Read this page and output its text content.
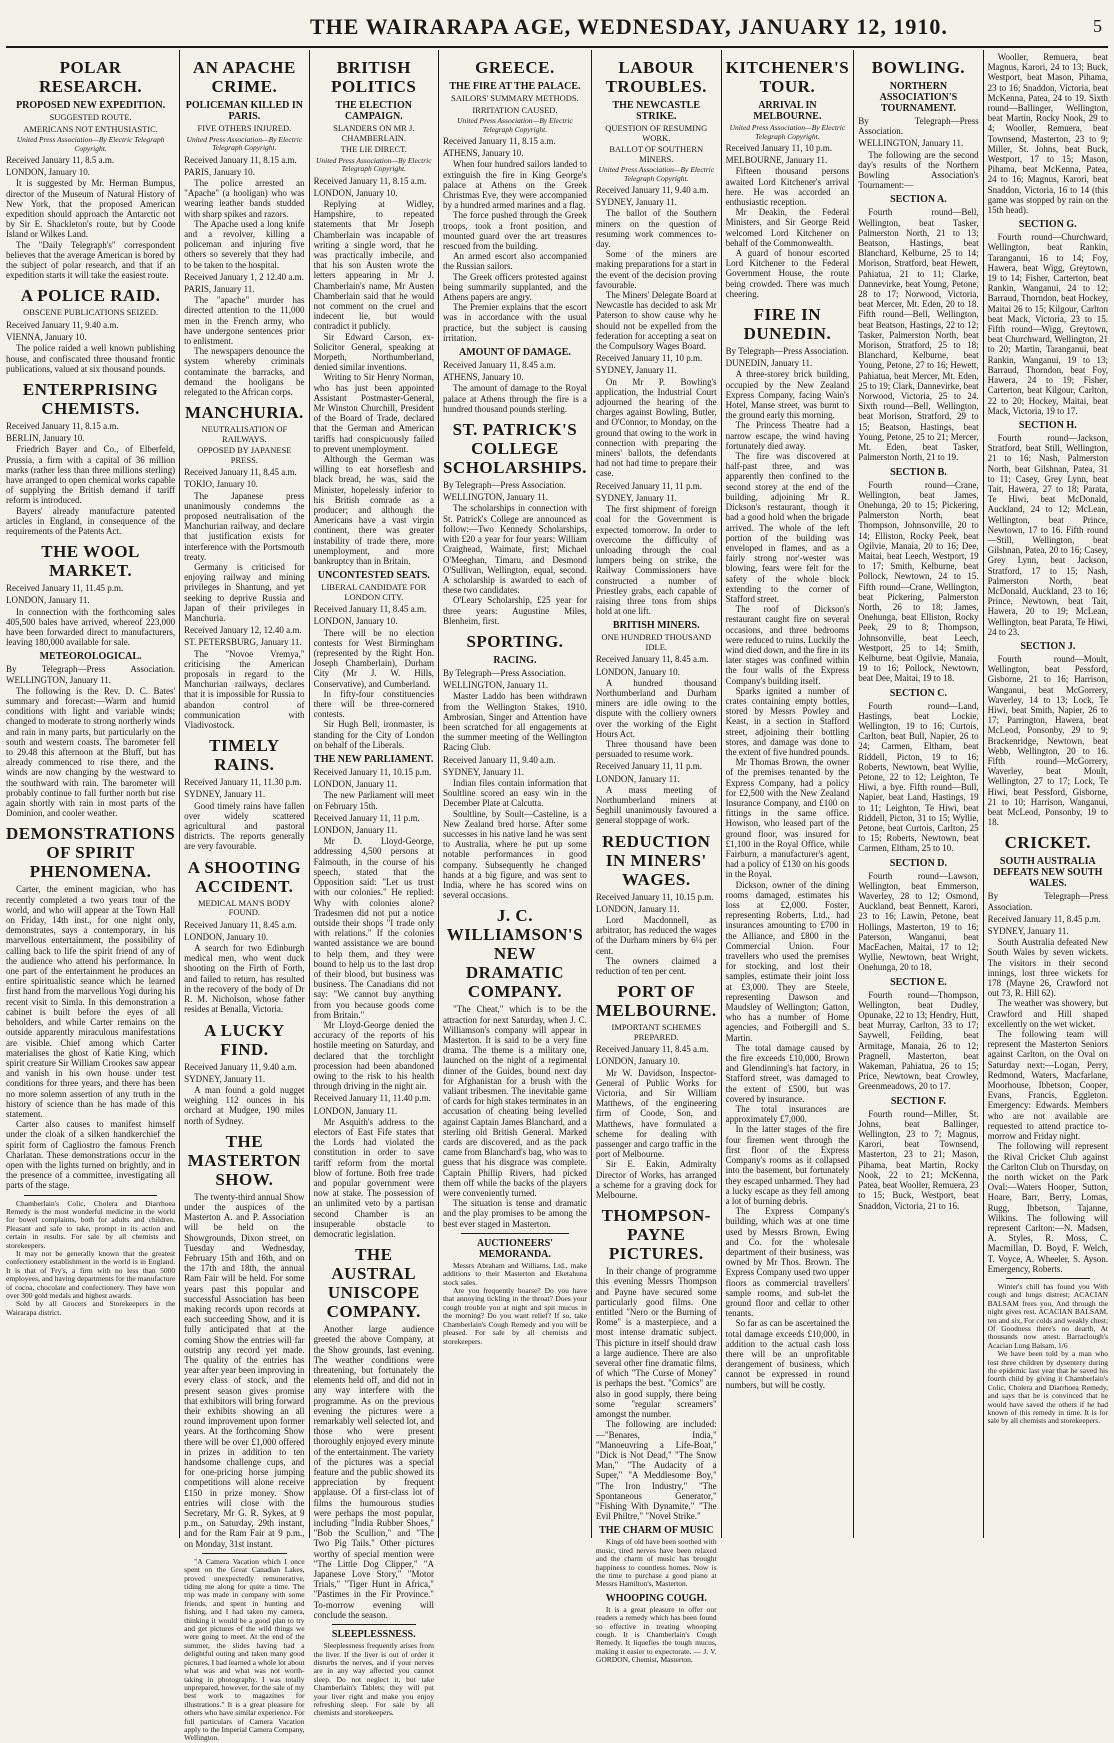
THE WAIRARAPA AGE, WEDNESDAY, JANUARY 12, 1910.	5
POLAR RESEARCH.
PROPOSED NEW EXPEDITION.
SUGGESTED ROUTE.
AMERICANS NOT ENTHUSIASTIC.
United Press Association—By Electric Telegraph Copyright.
Received January 11, 8.5 a.m.
LONDON, January 10.

It is suggested by Mr. Herman Bumpus, director of the Museum of Natural History of New York, that the proposed American expedition should approach the Antarctic not by Sir E. Shackleton's route, but by Coode Island or Wilkes Land.

The "Daily Telegraph's" correspondent believes that the average American is bored by the subject of polar research, and that if an expedition starts it will take the easiest route.

A POLICE RAID.
OBSCENE PUBLICATIONS SEIZED.
Received January 11, 9.40 a.m.
VIENNA, January 10.

The police raided a well known publishing house, and confiscated three thousand frontic publications, valued at six thousand pounds.

ENTERPRISING CHEMISTS.
Received January 11, 8.15 a.m.
BERLIN, January 10.

Friedrich Bayer and Co., of Elberfeld, Prussia, a firm with a capital of 36 million marks (rather less than three millions sterling) have arranged to open chemical works capable of supplying the British demand if tariff reform is introduced.

Bayers' already manufacture patented articles in England, in consequence of the requirements of the Patents Act.

THE WOOL MARKET.
Received January 11, 11.45 p.m.
LONDON, January 11.

In connection with the forthcoming sales 405,500 bales have arrived, whereof 223,000 have been forwarded direct to manufacturers, leaving 180,000 available for sale.

METEOROLOGICAL.
By Telegraph—Press Association. WELLINGTON, January 11.

The following is the Rev. D. C. Bates' summary and forecast:—Warm and humid conditions with light and variable winds; changed to moderate to strong northerly winds and rain in many parts, but particularly on the south and western coasts. The barometer fell to 29.48 this afternoon at the Bluff, but has already commenced to rise there, and the winds are now changing by the westward to the southward with rain. The barometer will probably continue to fall further north but rise again shortly with rain in most parts of the Dominion, and cooler weather.

DEMONSTRATIONS OF SPIRIT PHENOMENA.

Carter, the eminent magician, who has recently completed a two years tour of the world, and who will appear at the Town Hall on Friday, 14th inst., for one night only, demonstrates, says a contemporary, in his marvellous entertainment, the possibility of calling back to life the spirit friend of any of the audience who attend his performance. In one part of the entertainment he produces an entire spiritualistic seance which he learned first hand from the marvellous Yogi during his recent visit to Simla. In this demonstration a cabinet is built before the eyes of all beholders, and while Carter remains on the outside apparently miraculous manifestations are visible. Chief among which Carter materialises the ghost of Katie King, which spirit creature Sir William Crookes saw appear and vanish in his own house under test conditions for three years, and there has been no more solemn assertion of any truth in the history of science than he has made of this statement.

Carter also causes to manifest himself under the cloak of a silken handkerchief the spirit form of Cagliostro the famous French Charlatan. These demonstrations occur in the open with the lights turned on brightly, and in the presence of a committee, investigating all parts of the stage.

Chamberlain's Colic, Cholera and Diarrhoea Remedy is the most wonderful medicine in the world for bowel complaints, both for adults and children. Pleasant and safe to take, prompt in its action and certain in results. For sale by all chemists and storekeepers.

It may not be generally known that the greatest confectionery establishment in the world is in England. It is that of Fry's, a firm with no less than 5000 employees, and having departments for the manufacture of cocoa, chocolate and confectionery. They have won over 300 gold medals and highest awards.

Sold by all Grocers and Storekeepers in the Wairarapa district.

AN APACHE CRIME.
POLICEMAN KILLED IN PARIS.
FIVE OTHERS INJURED.
United Press Association—By Electric Telegraph Copyright.
Received January 11, 8.15 a.m.
PARIS, January 10.

The police arrested an "Apache" (a hooligan) who was wearing leather bands studded with sharp spikes and razors.

The Apache used a long knife and a revolver, killing a policeman and injuring five others so severely that they had to be taken to the hospital.

Received January 1, 2 12.40 a.m.
PARIS, January 11.

The "apache" murder has directed attention to the 11,000 men in the French army, who have undergone sentences prior to enlistment.

The newspapers denounce the system whereby criminals contaminate the barracks, and demand the hooligans be relegated to the African corps.

MANCHURIA.
NEUTRALISATION OF RAILWAYS.
OPPOSED BY JAPANESE PRESS.
Received January 11, 8.45 a.m.
TOKIO, January 10.

The Japanese press unanimously condemns the proposed neutralisation of the Manchurian railway, and declare that justification exists for interference with the Portsmouth treaty.

Germany is criticised for enjoying railway and mining privileges in Shantung, and yet seeking to deprive Russia and Japan of their privileges in Manchuria.

Received January 12, 12.40 a.m.
ST. PETERSBURG, January 11.

The "Novoe Vremya," criticising the American proposals in regard to the Manchurian railways, declares that it is impossible for Russia to abandon control of communication with Vladivostock.

TIMELY RAINS.
Received January 11, 11.30 p.m.
SYDNEY, January 11.

Good timely rains have fallen over widely scattered agricultural and pastoral districts. The reports generally are very favourable.

A SHOOTING ACCIDENT.
MEDICAL MAN'S BODY FOUND.
Received January 11, 8.45 a.m.
LONDON, January 10.

A search for two Edinburgh medical men, who went duck shooting on the Firth of Forth, and failed to return, has resulted in the recovery of the body of Dr R. M. Nicholson, whose father resides at Benalla, Victoria.

A LUCKY FIND.
Received January 11, 9.40 a.m.
SYDNEY, January 11.

A man found a gold nugget weighing 112 ounces in his orchard at Mudgee, 190 miles north of Sydney.

THE MASTERTON SHOW.

The twenty-third annual Show under the auspices of the Masterton A. and P. Association will be held on the Showgrounds, Dixon street, on Tuesday and Wednesday, February 15th and 16th, and on the 17th and 18th, the annual Ram Fair will be held. For some years past this popular and successful Association has been making records upon records at each succeeding Show, and it is fully anticipated that at the coming Show the entries will far outstrip any record yet made. The quality of the entries has year after year been improving in every class of stock, and the present season gives promise that exhibitors will bring forward their exhibits showing an all round improvement upon former years. At the forthcoming Show there will be over £1,000 offered in prizes in addition to ten handsome challenge cups, and for one-pricing horse jumping competitions will alone receive £150 in prize money. Show entries will close with the Secretary, Mr G. R. Sykes, at 9 p.m., on Saturday, 29th instant, and for the Ram Fair at 9 p.m., on Monday, 31st instant.

"A Camera Vacation which I once spent on the Great Canadian Lakes, proved unexpectedly remunerative, tiding me along for quite a time. The trip was made in company with some friends, and spent in hunting and fishing, and I had taken my camera, thinking it would be a good plan to try and get pictures of the wild things we were going to meet. At the end of the summer, the slides having had a delightful outing and taken many good pictures, I had learned a whole lot about what was and what was not worth-taking in photography. I was totally unprepared, however, for the sale of my best work to magazines for illustrations." It is a great pleasure for others who have similar experience. For full particulars of Camera Vacation apply to the Imperial Camera Company, Wellington.

BRITISH POLITICS
THE ELECTION CAMPAIGN.
SLANDERS ON MR J. CHAMBERLAIN.
THE LIE DIRECT.
United Press Association—By Electric Telegraph Copyright.
Received January 11, 8.15 a.m.
LONDON, January 10.

Replying at Widley, Hampshire, to repeated statements that Mr Joseph Chamberlain was incapable of writing a single word, that he was practically imbecile, and that his son Austen wrote the letters appearing in Mr J. Chamberlain's name, Mr Austen Chamberlain said that he would not comment on the cruel and indecent lie, but would contradict it publicly.

Sir Edward Carson, ex-Solicitor General, speaking at Morpeth, Northumberland, denied similar inventions.

Writing to Sir Henry Norman, who has just been appointed Assistant Postmaster-General, Mr Winston Churchill, President of the Board of Trade, declared that the German and American tariffs had conspicuously failed to prevent unemployment.

Although the German was willing to eat horseflesh and black bread, he was, said the Minister, hopelessly inferior to his British comrade as a producer; and although the Americans have a vast virgin continent, there was greater instability of trade there, more unemployment, and more bankruptcy than in Britain.

UNCONTESTED SEATS.
LIBERAL CANDIDATE FOR LONDON CITY.
Received January 11, 8.45 a.m.
LONDON, January 10.

There will be no election contests for West Birmingham (represented by the Right Hon. Joseph Chamberlain), Durham City (Mr J. W. Hills, Conservative), and Cumberland.

In fifty-four constituencies there will be three-cornered contests.

Sir Hugh Bell, ironmaster, is standing for the City of London on behalf of the Liberals.

THE NEW PARLIAMENT.
Received January 11, 10.15 p.m.
LONDON, January 11.

The new Parliament will meet on February 15th.

Received January 11, 11 p.m.
LONDON, January 11.

Mr D. Lloyd-George, addressing 4,500 persons at Falmouth, in the course of his speech, stated that the Opposition said: "Let us trust with our colonies." He replied: Why with colonies alone? Tradesmen did not put a notice outside their shops "I trade only with relations." If the colonies wanted assistance we are bound to help them, and they were bound to help us to the last drop of their blood, but business was business. The Canadians did not say: "We cannot buy anything from you because goods come from Britain."

Mr Lloyd-George denied the accuracy of the reports of his hostile meeting on Saturday, and declared that the torchlight procession had been abandoned owing to the risk to his health through driving in the night air.

Received January 11, 11.40 p.m.
LONDON, January 11.

Mr Asquith's address to the electors of East Fife states that the Lords had violated the constitution in order to save tariff reform from the mortal blow of fortune. Both free trade and popular government were now at stake. The possession of an unlimited veto by a partisan second Chamber is an insuperable obstacle to democratic legislation.

THE AUSTRAL UNISCOPE COMPANY.

Another large audience greeted the above Company, at the Show grounds, last evening. The weather conditions were threatening, but fortunately the elements held off, and did not in any way interfere with the programme. As on the previous evening the pictures were a remarkably well selected lot, and those who were present thoroughly enjoyed every minute of the entertainment. The variety of the pictures was a special feature and the public showed its appreciation by frequent applause. Of a first-class lot of films the humourous studies were perhaps the most popular, including "India Rubber Shoes," "Bob the Scullion," and "The Two Pig Tails." Other pictures worthy of special mention were "The Little Dog Clipper," "A Japanese Love Story," "Motor Trials," "Tiger Hunt in Africa," "Pastimes in the Fir Province." To-morrow evening will conclude the season.

SLEEPLESSNESS.

Sleeplessness frequently arises from the liver. If the liver is out of order it disturbs the nerves, and if your nerves are in any way affected you cannot sleep. Do not neglect it, but take Chamberlain's Tablets; they will put your liver right and make you enjoy refreshing sleep. For sale by all chemists and storekeepers.

GREECE.
THE FIRE AT THE PALACE.
SAILORS' SUMMARY METHODS.
IRRITATION CAUSED.
United Press Association—By Electric Telegraph Copyright.
Received January 11, 8.15 a.m.
ATHENS, January 10.

When four hundred sailors landed to extinguish the fire in King George's palace at Athens on the Greek Christmas Eve, they were accompanied by a hundred armed marines and a flag.

The force pushed through the Greek troops, took a front position, and mounted guard over the art treasures rescued from the building.

An armed escort also accompanied the Russian sailors.

The Greek officers protested against being summarily supplanted, and the Athens papers are angry.

The Premier explains that the escort was in accordance with the usual practice, but the subject is causing irritation.

AMOUNT OF DAMAGE.
Received January 11, 8.45 a.m.
ATHENS, January 10.

The amount of damage to the Royal palace at Athens through the fire is a hundred thousand pounds sterling.

ST. PATRICK'S COLLEGE SCHOLARSHIPS.
By Telegraph—Press Association.
WELLINGTON, January 11.

The scholarships in connection with St. Patrick's College are announced as follow:—Two Kennedy Scholarships, with £20 a year for four years: William Craighead, Waimate, first; Michael O'Meeghan, Timaru, and Desmond O'Sullivan, Wellington, equal, second. A scholarship is awarded to each of these two candidates.

O'Leary Scholarship, £25 year for three years: Augustine Miles, Blenheim, first.

SPORTING.
RACING.
By Telegraph—Press Association.
WELLINGTON, January 11.

Master Laddo has been withdrawn from the Wellington Stakes, 1910. Ambrosian, Singer and Attention have been scratched for all engagements at the summer meeting of the Wellington Racing Club.

Received January 11, 9.40 a.m.
SYDNEY, January 11.

Indian files contain information that Soultline scored an easy win in the December Plate at Calcutta.

Soultline, by Soult—Casteline, is a New Zealand bred horse. After some successes in his native land he was sent to Australia, where he put up some notable performances in good company. Subsequently he changed hands at a big figure, and was sent to India, where he has scored wins on several occasions.

J. C. WILLIAMSON'S NEW DRAMATIC COMPANY.

"The Cheat," which is to be the attraction for next Saturday, when J. C. Williamson's company will appear in Masterton. It is said to be a very fine drama. The theme is a military one, launched on the night of a regimental dinner of the Guides, bound next day for Afghanistan for a brush with the valiant tribesmen. The inevitable game of cards for high stakes terminates in an accusation of cheating being levelled against Captain James Blanchard, and a sterling old British General. Marked cards are discovered, and as the pack came from Blanchard's bag, who was to guess that his disgrace was complete. Captain Phillip Rivers, had picked them off while the backs of the players were conveniently turned.

The situation is tense and dramatic and the play promises to be among the best ever staged in Masterton.

AUCTIONEERS' MEMORANDA.

Messrs Abraham and Williams, Ltd., make additions to their Masterton and Eketahuna stock sales.

Are you frequently hoarse? Do you have that annoying tickling in the throat? Does your cough trouble you at night and spit mucus in the morning? Do you want relief? If so, take Chamberlain's Cough Remedy and you will be pleased. For sale by all chemists and storekeepers.

LABOUR TROUBLES.
THE NEWCASTLE STRIKE.
QUESTION OF RESUMING WORK.
BALLOT OF SOUTHERN MINERS.
United Press Association—By Electric Telegraph Copyright.
Received January 11, 9.40 a.m.
SYDNEY, January 11.

The ballot of the Southern miners on the question of resuming work commences to-day.

Some of the miners are making preparations for a start in the event of the decision proving favourable.

The Miners' Delegate Board at Newcastle has decided to ask Mr Paterson to show cause why he should not be expelled from the federation for accepting a seat on the Compulsory Wages Board.

Received January 11, 10 p.m.
SYDNEY, January 11.

On Mr P. Bowling's application, the Industrial Court adjourned the hearing of the charges against Bowling, Butler, and O'Connor, to Monday, on the ground that owing to the work in connection with preparing the miners' ballots, the defendants had not had time to prepare their case.

Received January 11, 11 p.m.
SYDNEY, January 11.

The first shipment of foreign coal for the Government is expected tomorrow. In order to overcome the difficulty of unloading through the coal lumpers being on strike, the Railway Commissioners have constructed a number of Priestley grabs, each capable of raising three tons from ships hold at one lift.

BRITISH MINERS.
ONE HUNDRED THOUSAND IDLE.
Received January 11, 8.45 a.m.
LONDON, January 10.

A hundred thousand Northumberland and Durham miners are idle owing to the dispute with the colliery owners over the working of the Eight Hours Act.

Three thousand have been persuaded to resume work.

Received January 11, 11 p.m.
LONDON, January 11.

A mass meeting of Northumberland miners at Seghill unanimously favoured a general stoppage of work.

REDUCTION IN MINERS' WAGES.
Received January 11, 10.15 p.m.
LONDON, January 11.

Lord Macdonnell, as arbitrator, has reduced the wages of the Durham miners by 6¼ per cent.

The owners claimed a reduction of ten per cent.

PORT OF MELBOURNE.
IMPORTANT SCHEMES PREPARED.
Received January 11, 8.45 a.m.
LONDON, January 10.

Mr W. Davidson, Inspector-General of Public Works for Victoria, and Sir William Matthews, of the engineering firm of Coode, Son, and Matthews, have formulated a scheme for dealing with passenger and cargo traffic in the port of Melbourne.

Sir E. Eakin, Admiralty Director of Works, has arranged a scheme for a graving dock for Melbourne.

THOMPSON-PAYNE PICTURES.

In their change of programme this evening Messrs Thompson and Payne have secured some particularly good films. One entitled "Nero or the Burning of Rome" is a masterpiece, and a most intense dramatic subject. This picture in itself should draw a large audience. There are also several other fine dramatic films, of which "The Curse of Money" is perhaps the best. "Comics" are also in good supply, there being some "regular screamers" amongst the number.

The following are included:—"Benares, India," "Manoeuvring a Life-Boat," "Dick is Not Dead," "The Snow Man," "The Audacity of a Super," "A Meddlesome Boy," "The Iron Industry," "The Spontaneous Generator," "Fishing With Dynamite," "The Evil Philtre," "Novel Strike."

THE CHARM OF MUSIC

Kings of old have been soothed with music, tired nerves have been relaxed and the charm of music has brought happiness to countless homes. Now is the time to purchase a good piano at Messrs Hamilton's, Masterton.

WHOOPING COUGH.

It is a great pleasure to offer our readers a remedy which has been found so effective in treating whooping cough. It is Chamberlain's Cough Remedy. It liquefies the tough mucus, making it easier to expectorate. — J. V. GORDON, Chemist, Masterton.

KITCHENER'S TOUR.
ARRIVAL IN MELBOURNE.
United Press Association—By Electric Telegraph Copyright.
Received January 11, 10 p.m.
MELBOURNE, January 11.

Fifteen thousand persons awaited Lord Kitchener's arrival here. He was accorded an enthusiastic reception.

Mr Deakin, the Federal Ministers, and Sir George Reid welcomed Lord Kitchener on behalf of the Commonwealth.

A guard of honour escorted Lord Kitchener to the Federal Government House, the route being crowded. There was much cheering.

FIRE IN DUNEDIN.
By Telegraph—Press Association.
DUNEDIN, January 11.

A three-storey brick building, occupied by the New Zealand Express Company, facing Wain's Hotel, Manse street, was burnt to the ground early this morning.

The Princess Theatre had a narrow escape, the wind having fortunately died away.

The fire was discovered at half-past three, and was apparently then confined to the second storey at the end of the building, adjoining Mr R. Dickson's restaurant, though it had a good hold when the brigade arrived. The whole of the left portion of the building was enveloped in flames, and as a fairly strong nor'-wester was blowing, fears were felt for the safety of the whole block extending to the corner of Stafford street.

The roof of Dickson's restaurant caught fire on several occasions, and three bedrooms were reduced to ruins. Luckily the wind died down, and the fire in its later stages was confined within the four walls of the Express Company's building itself.

Sparks ignited a number of crates containing empty bottles, stored by Messrs Powley and Keast, in a section in Stafford street, adjoining their bottling stores, and damage was done to the extent of five hundred pounds.

Mr Thomas Brown, the owner of the premises tenanted by the Express Company, had a policy for £2,500 with the New Zealand Insurance Company, and £100 on fittings in the same office. Howison, who leased part of the ground floor, was insured for £1,100 in the Royal Office, while Fairburn, a manufacturer's agent, had a policy of £130 on his goods in the Royal.

Dickson, owner of the dining rooms damaged, estimates his loss at £2,000. Foster, representing Roberts, Ltd., had insurances amounting to £700 in the Alliance, and £800 in the Commercial Union. Four travellers who used the premises for stocking, and lost their samples, estimate their joint loss at £3,000. They are Steele, representing Dawson and Maudsley of Wellington; Gatton, who has a number of Home agencies, and Fothergill and S. Martin.

The total damage caused by the fire exceeds £10,000, Brown and Glendinning's hat factory, in Stafford street, was damaged to the extent of £500, but was covered by insurance.

The total insurances are approximately £7,000.

In the latter stages of the fire four firemen went through the first floor of the Express Company's rooms as it collapsed into the basement, but fortunately they escaped unharmed. They had a lucky escape as they fell among a lot of burning debris.

The Express Company's building, which was at one time used by Messrs Brown, Ewing and Co. for the wholesale department of their business, was owned by Mr Thos. Brown. The Express Company used two upper floors as commercial travellers' sample rooms, and sub-let the ground floor and cellar to other tenants.

So far as can be ascertained the total damage exceeds £10,000, in addition to the actual cash loss there will be an unprofitable derangement of business, which cannot be expressed in round numbers, but will be costly.

BOWLING.
NORTHERN ASSOCIATION'S TOURNAMENT.
By Telegraph—Press Association.
WELLINGTON, January 11.

The following are the second day's results of the Northern Bowling Association's Tournament:—

SECTION A.

Fourth round—Bell, Wellington, beat Tasker, Palmerston North, 21 to 13; Beatson, Hastings, beat Blanchard, Kelburne, 25 to 14; Morison, Stratford, beat Hewett, Pahiatua, 21 to 11; Clarke, Dannevirke, beat Young, Petone, 28 to 17; Norwood, Victoria, beat Mercer, Mt. Eden, 20 to 18. Fifth round—Bell, Wellington, beat Beatson, Hastings, 22 to 12; Tasker, Palmerston North, beat Morison, Stratford, 25 to 18; Blanchard, Kelburne, beat Young, Petone, 27 to 16; Hewett, Pahiatua, beat Mercer, Mt. Eden, 25 to 19; Clark, Dannevirke, beat Norwood, Victoria, 25 to 24. Sixth round—Bell, Wellington, beat Morison, Stratford, 29 to 15; Beatson, Hastings, beat Young, Petone, 25 to 21; Mercer, Mt. Eden, beat Tasker, Palmerston North, 21 to 19.

SECTION B.

Fourth round—Crane, Wellington, beat James, Onehunga, 20 to 15; Pickering, Palmerston North, beat Thompson, Johnsonville, 20 to 14; Elliston, Rocky Peek, beat Ogilvie, Manaia, 20 to 16; Dee, Maitai, beat Leech, Westport, 19 to 17; Smith, Kelburne, beat Pollock, Newtown, 24 to 15. Fifth round—Crane, Wellington, beat Pickering, Palmerston North, 26 to 18; James, Onehunga, beat Elliston, Rocky Peek, 29 to 8; Thompson, Johnsonville, beat Leech, Westport, 25 to 14; Smith, Kelburne, beat Ogilvie, Manaia, 19 to 16; Pollock, Newtown, beat Dee, Maitai, 19 to 18.

SECTION C.

Fourth round—Land, Hastings, beat Lockie, Wellington, 19 to 16; Curtois, Carlton, beat Bull, Napier, 26 to 24; Carmen, Eltham, beat Riddell, Picton, 19 to 16; Roberts, Newtown, beat Wyllie, Petone, 22 to 12; Leighton, Te Hiwi, a bye. Fifth round—Bull, Napier, beat Land, Hastings, 19 to 11; Leighton, Te Hiwi, beat Riddell, Picton, 31 to 15; Wyllie, Petone, beat Curtois, Carlton, 25 to 15; Roberts, Newtown, beat Carmen, Eltham, 25 to 10.

SECTION D.

Fourth round—Lawson, Wellington, beat Emmerson, Waverley, 28 to 12; Osmond, Auckland, beat Bennett, Karori, 23 to 16; Lawin, Petone, beat Hollings, Masterton, 19 to 16; Paterson, Wanganui, beat MacEachen, Maitai, 17 to 12; Wyllie, Newtown, beat Wright, Onehunga, 20 to 18.

SECTION E.

Fourth round—Thompson, Wellington, beat Dudley, Opunake, 22 to 13; Hendry, Hutt, beat Murray, Carlton, 33 to 17; Saywell, Feilding, beat Armitage, Manaia, 26 to 12; Pragnell, Masterton, beat Wakeman, Pahiatua, 26 to 15; Price, Newtown, beat Crowley, Greenmeadows, 20 to 17.

SECTION F.

Fourth round—Miller, St. Johns, beat Ballinger, Wellington, 23 to 7; Magnus, Karori, beat Townsend, Masterton, 23 to 21; Mason, Pihama, beat Martin, Rocky Nook, 22 to 21; McKenna, Patea, beat Wooller, Remuera, 23 to 15; Buck, Westport, beat Snaddon, Victoria, 21 to 16.

Wooller, Remuera, beat Magnus, Karori, 24 to 13; Buck, Westport, beat Mason, Pihama, 23 to 16; Snaddon, Victoria, beat McKenna, Patea, 24 to 19. Sixth round—Ballinger, Wellington, beat Martin, Rocky Nook, 29 to 4; Wooller, Remuera, beat Townsend, Masterton, 23 to 9; Miller, St. Johns, beat Buck, Westport, 17 to 15; Mason, Pihama, beat McKenna, Patea, 24 to 16; Magnus, Karori, beat Snaddon, Victoria, 16 to 14 (this game was stopped by rain on the 15th head).

SECTION G.

Fourth round—Churchward, Wellington, beat Rankin, Taranganui, 16 to 14; Foy, Hawera, beat Wigg, Greytown, 19 to 14; Fisher, Carterton, beat Rankin, Wanganui, 24 to 12; Barraud, Thorndon, beat Hockey, Maitai 26 to 15; Kilgour, Carlton beat Mack, Victoria, 23 to 15. Fifth round—Wigg, Greytown, beat Churchward, Wellington, 21 to 20; Martin, Taranganui, beat Rankin, Wanganui, 19 to 13; Barraud, Thorndon, beat Foy, Hawera, 24 to 19; Fisher, Carterton, beat Kilgour, Carlton, 22 to 20; Hockey, Maitai, beat Mack, Victoria, 19 to 17.

SECTION H.

Fourth round—Jackson, Stratford, beat Still, Wellington, 21 to 16; Nash, Palmerston North, beat Gilshnan, Patea, 31 to 11; Casey, Grey Lynn, beat Tait, Hawera, 27 to 18; Parata, Te Hiwi, beat McDonald, Auckland, 24 to 12; McLean, Wellington, beat Prince, Newtown, 17 to 16. Fifth round—Still, Wellington, beat Gilshnan, Patea, 20 to 16; Casey, Grey Lynn, beat Jackson, Stratford, 17 to 15; Nash, Palmerston North, beat McDonald, Auckland, 23 to 16; Prince, Newtown, beat Tait, Hawera, 20 to 19; McLean, Wellington, beat Parata, Te Hiwi, 24 to 23.

SECTION J.

Fourth round—Moult, Wellington, beat Pessford, Gisborne, 21 to 16; Harrison, Wanganui, beat McGorrery, Waverley, 14 to 13; Lock, Te Hiwi, beat Smith, Napier, 26 to 17; Parrington, Hawera, beat McLeod, Ponsonby, 29 to 9; Brackenridge, Newtown, beat Webb, Wellington, 20 to 16. Fifth round—McGorrery, Waverley, beat Moult, Wellington, 27 to 17; Lock, Te Hiwi, beat Pessford, Gisborne, 21 to 10; Harrison, Wanganui, beat McLeod, Ponsonby, 19 to 18.

CRICKET.
SOUTH AUSTRALIA DEFEATS NEW SOUTH WALES.
By Telegraph—Press Association.
Received January 11, 8.45 p.m.
SYDNEY, January 11.

South Australia defeated New South Wales by seven wickets. The visitors in their second innings, lost three wickets for 178 (Mayne 26, Crawford not out 73, R. Hill 62).

The weather was showery, but Crawford and Hill shaped excellently on the wet wicket.

The following team will represent the Masterton Seniors against Carlton, on the Oval on Saturday next:—Logan, Perry, Redmond, Waters, Macfarlane, Moorhouse, Ibbetson, Cooper, Evans, Francis, Eggleton. Emergency: Edwards. Members who are not available are requested to attend practice to-morrow and Friday night.

The following will represent the Rival Cricket Club against the Carlton Club on Thursday, on the north wicket on the Park Oval:—Waters Hooper, Sutton, Hoare, Barr, Berry, Lomas, Rugg, Ibbetson, Tajanne, Wilkins. The following will represent Carlton:—N. Madsen, A. Styles, R. Moss, C. Macmillan, D. Boyd, F. Welch, T. Voyce, A. Wheeler, S. Ayson. Emergency, Roberts.

Winter's chill has found you With cough and lungs distrest; ACACIAN BALSAM frees you, And through the night gives rest. ACACIAN BALSAM, ten and six, For colds and weakly chest; Of Goodness there's no dearth, At thousands now attest. Barraclough's Acacian Lung Balsam, 1/6

We have been told by a man who lost three children by dysentery during the epidemic last year that he saved his fourth child by giving it Chamberlain's Colic, Cholera and Diarrhoea Remedy, and says that he is convinced that he would have saved the others if he had known of this remedy in time. It is for sale by all chemists and storekeepers.
